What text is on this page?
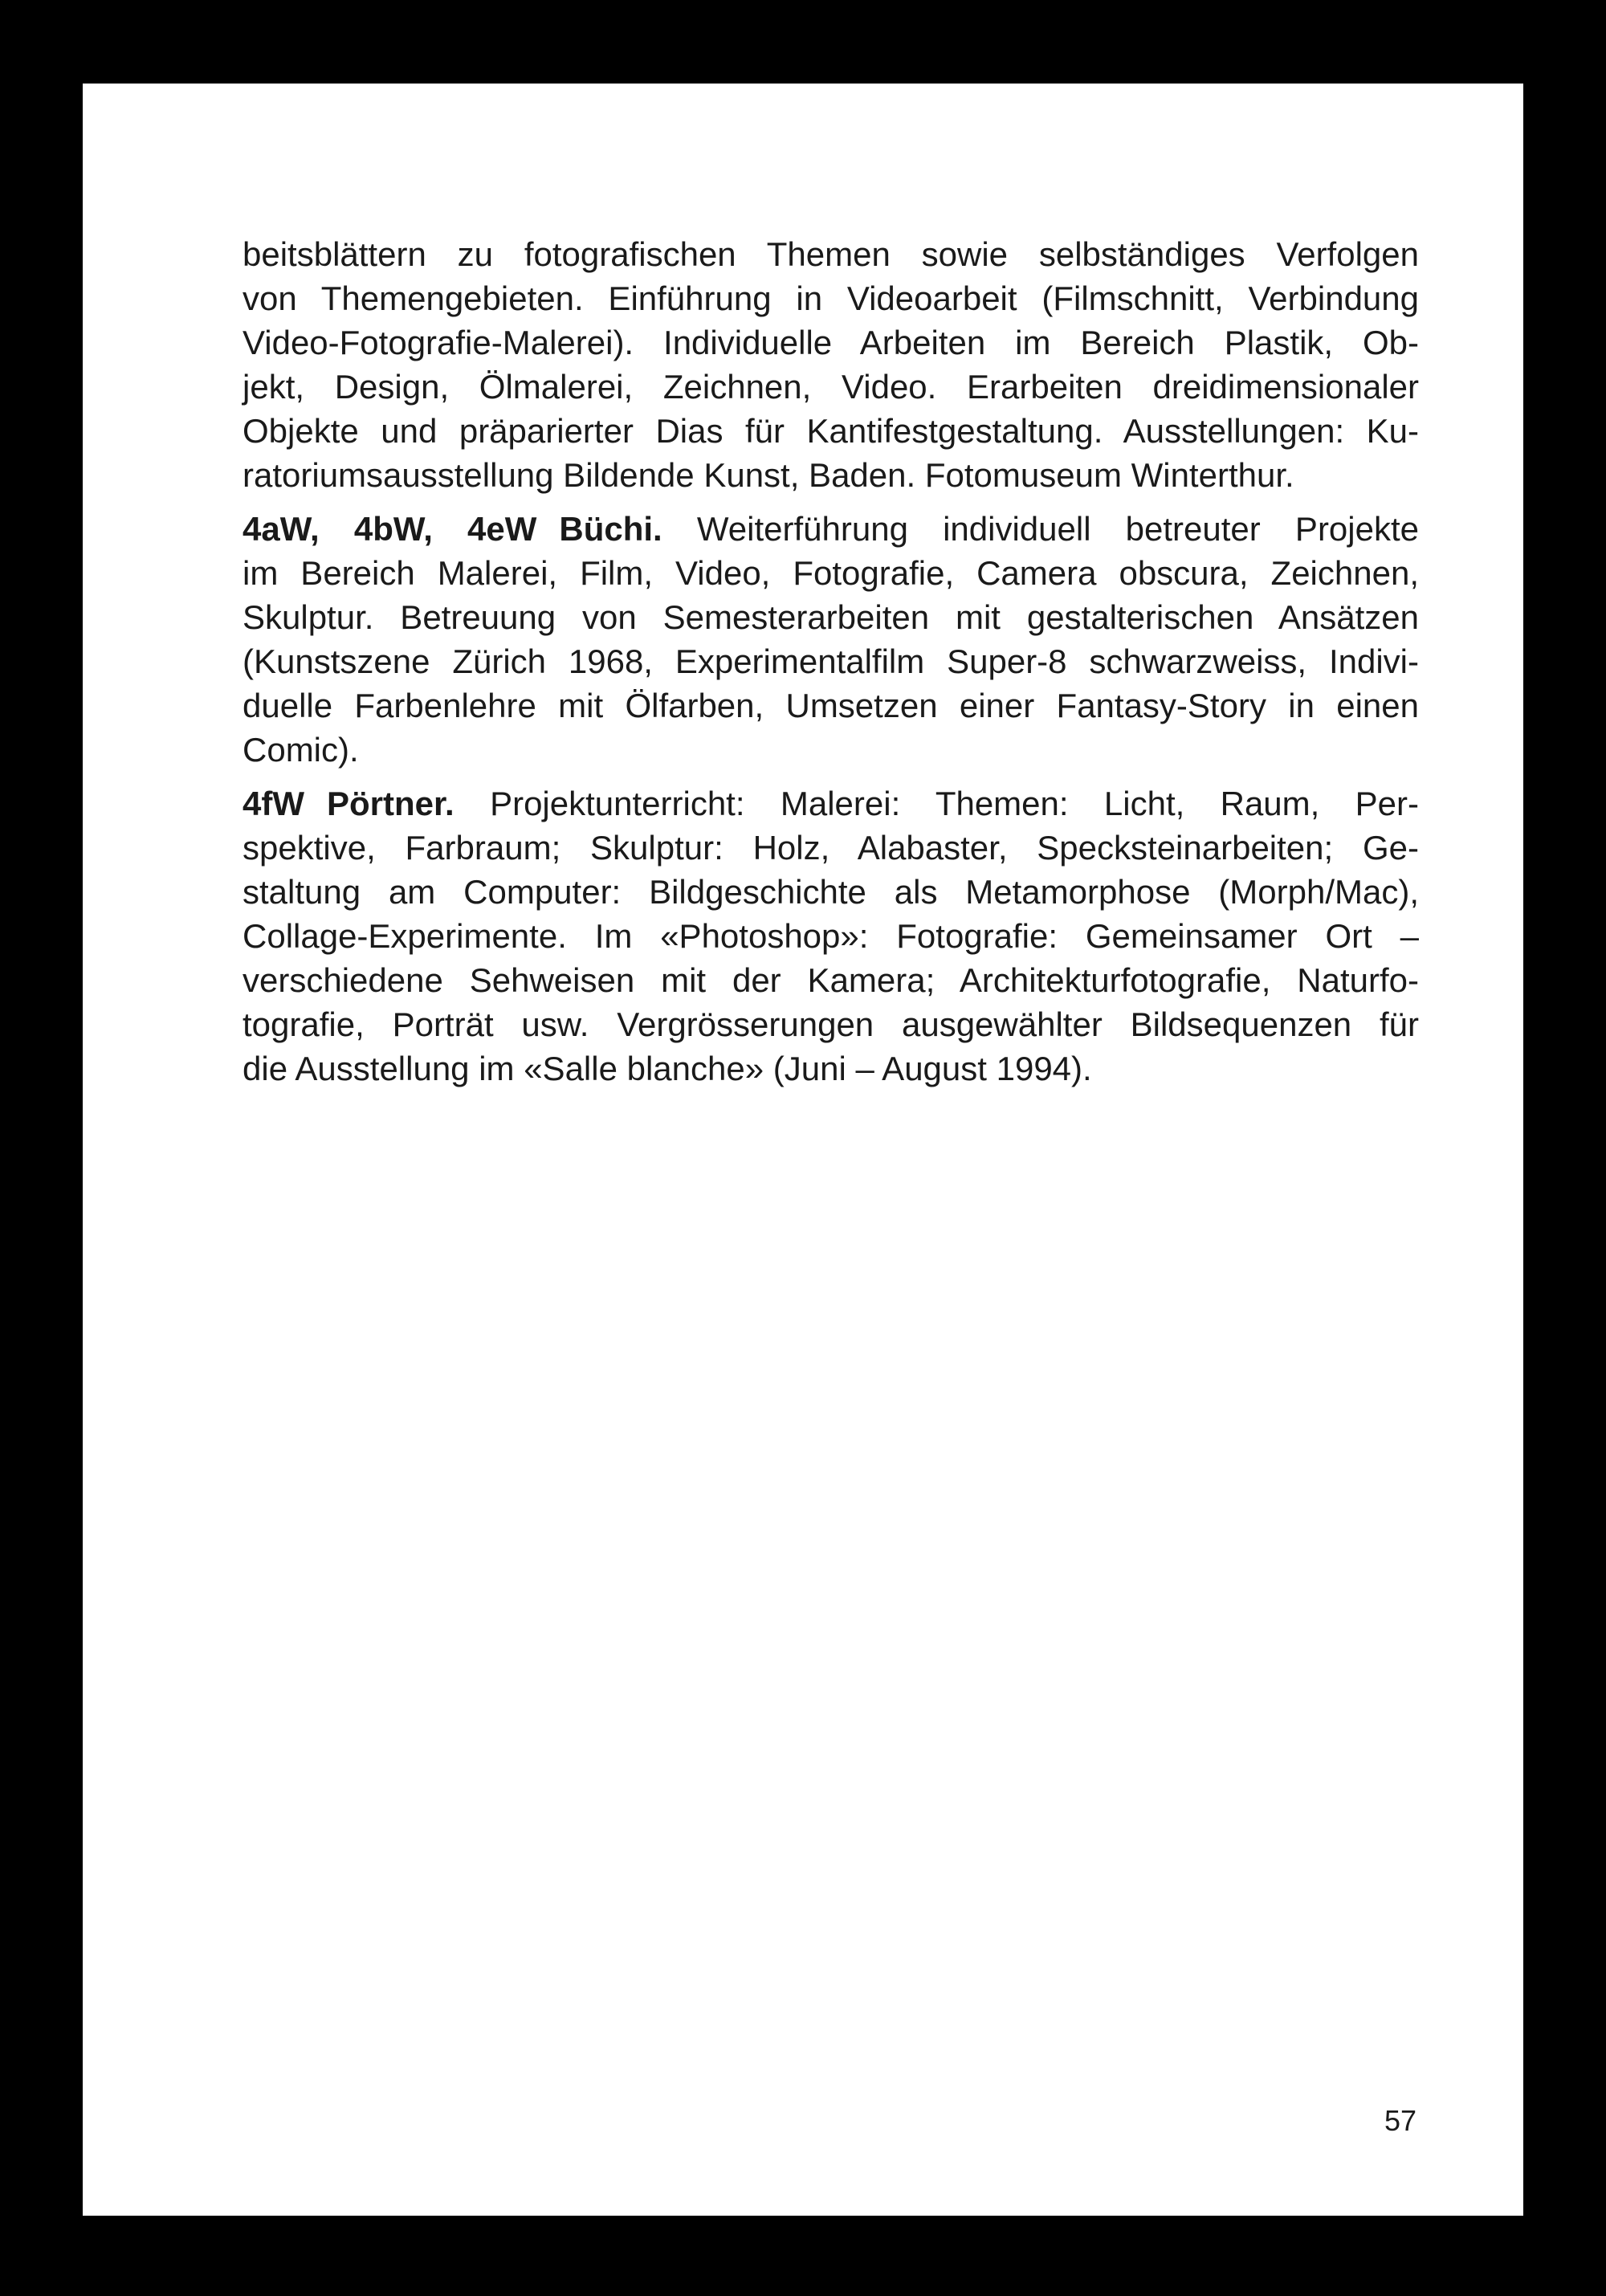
beitsblättern zu fotografischen Themen sowie selbständiges Verfolgen
von Themengebieten. Einführung in Videoarbeit (Filmschnitt, Verbindung
Video-Fotografie-Malerei). Individuelle Arbeiten im Bereich Plastik, Ob-
jekt, Design, Ölmalerei, Zeichnen, Video. Erarbeiten dreidimensionaler
Objekte und präparierter Dias für Kantifestgestaltung. Ausstellungen: Ku-
ratoriumsausstellung Bildende Kunst, Baden. Fotomuseum Winterthur.
4aW, 4bW, 4eW Büchi. Weiterführung individuell betreuter Projekte
im Bereich Malerei, Film, Video, Fotografie, Camera obscura, Zeichnen,
Skulptur. Betreuung von Semesterarbeiten mit gestalterischen Ansätzen
(Kunstszene Zürich 1968, Experimentalfilm Super-8 schwarzweiss, Indivi-
duelle Farbenlehre mit Ölfarben, Umsetzen einer Fantasy-Story in einen
Comic).
4fW Pörtner. Projektunterricht: Malerei: Themen: Licht, Raum, Per-
spektive, Farbraum; Skulptur: Holz, Alabaster, Specksteinarbeiten; Ge-
staltung am Computer: Bildgeschichte als Metamorphose (Morph/Mac),
Collage-Experimente. Im «Photoshop»: Fotografie: Gemeinsamer Ort –
verschiedene Sehweisen mit der Kamera; Architekturfotografie, Naturfo-
tografie, Porträt usw. Vergrösserungen ausgewählter Bildsequenzen für
die Ausstellung im «Salle blanche» (Juni – August 1994).
57
